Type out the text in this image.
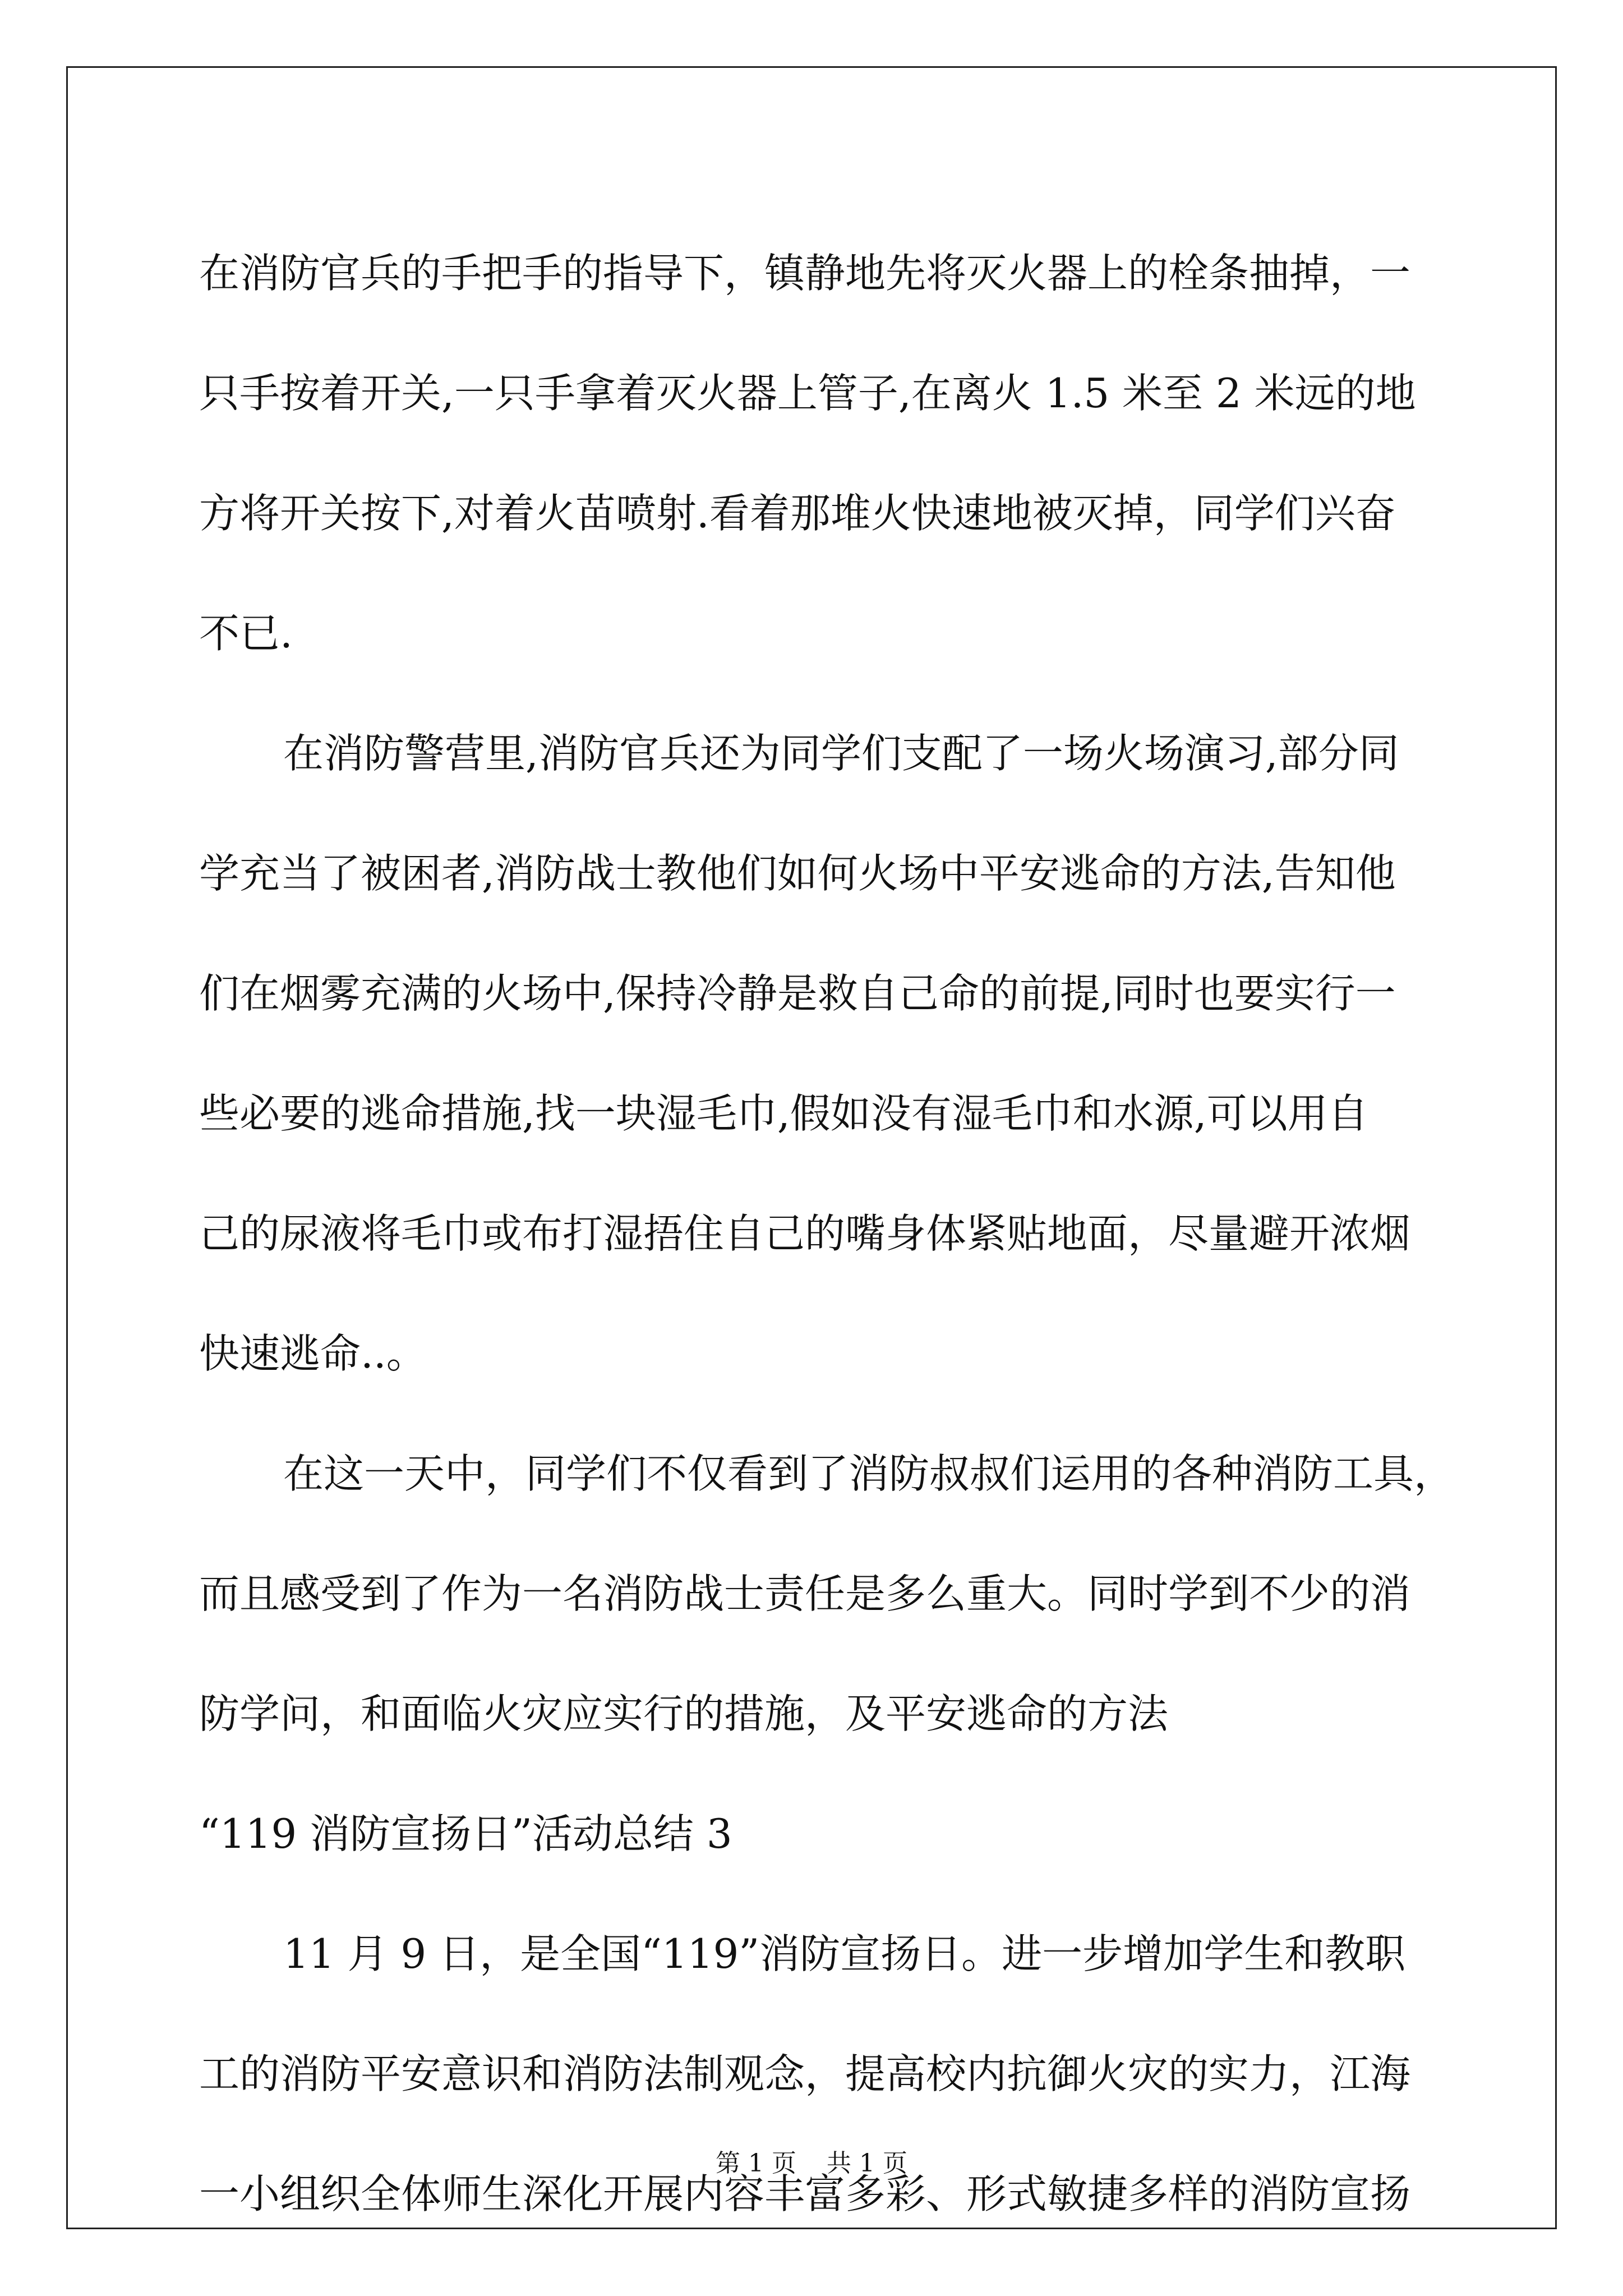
在消防官兵的手把手的指导下，镇静地先将灭火器上的栓条抽掉，一
只手按着开关,一只手拿着灭火器上管子,在离火 1.5 米至 2 米远的地
方将开关按下,对着火苗喷射.看着那堆火快速地被灭掉，同学们兴奋
不已.
在消防警营里,消防官兵还为同学们支配了一场火场演习,部分同
学充当了被困者,消防战士教他们如何火场中平安逃命的方法,告知他
们在烟雾充满的火场中,保持冷静是救自己命的前提,同时也要实行一
些必要的逃命措施,找一块湿毛巾,假如没有湿毛巾和水源,可以用自
己的尿液将毛巾或布打湿捂住自己的嘴身体紧贴地面，尽量避开浓烟
快速逃命..。
在这一天中，同学们不仅看到了消防叔叔们运用的各种消防工具，
而且感受到了作为一名消防战士责任是多么重大。同时学到不少的消
防学问，和面临火灾应实行的措施，及平安逃命的方法
“119 消防宣扬日”活动总结 3
11 月 9 日，是全国“119”消防宣扬日。进一步增加学生和教职
工的消防平安意识和消防法制观念，提高校内抗御火灾的实力，江海
一小组织全体师生深化开展内容丰富多彩、形式敏捷多样的消防宣扬
第 1 页 共 1 页
